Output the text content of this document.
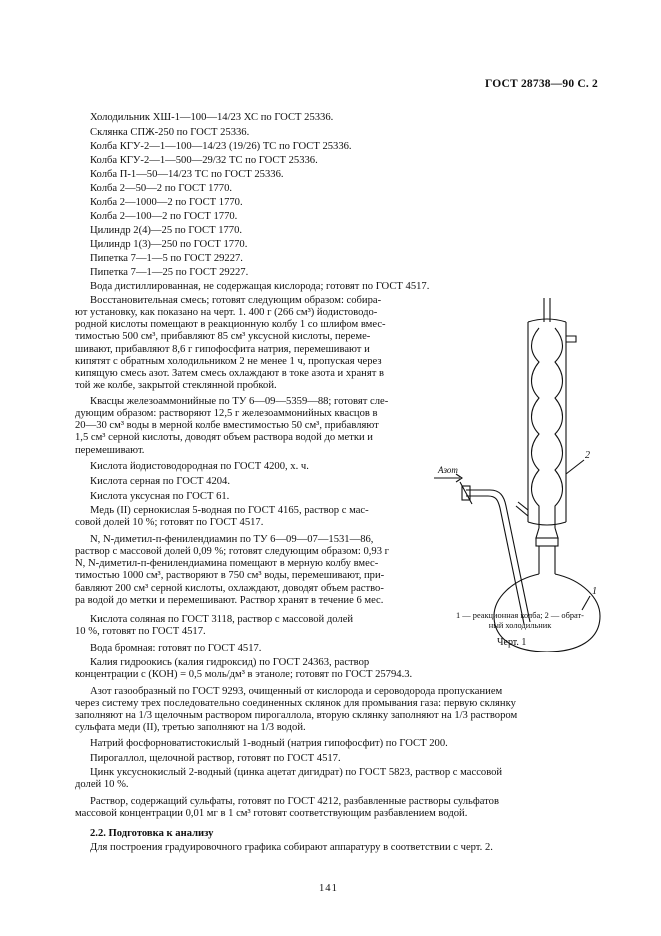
ГОСТ 28738—90 С. 2
Холодильник ХШ-1—100—14/23 ХС по ГОСТ 25336.
Склянка СПЖ-250 по ГОСТ 25336.
Колба КГУ-2—1—100—14/23 (19/26) ТС по ГОСТ 25336.
Колба КГУ-2—1—500—29/32 ТС по ГОСТ 25336.
Колба П-1—50—14/23 ТС по ГОСТ 25336.
Колба 2—50—2 по ГОСТ 1770.
Колба 2—1000—2 по ГОСТ 1770.
Колба 2—100—2 по ГОСТ 1770.
Цилиндр 2(4)—25 по ГОСТ 1770.
Цилиндр 1(3)—250 по ГОСТ 1770.
Пипетка 7—1—5 по ГОСТ 29227.
Пипетка 7—1—25 по ГОСТ 29227.
Вода дистиллированная, не содержащая кислорода; готовят по ГОСТ 4517.
Восстановительная смесь; готовят следующим образом: собира-
ют установку, как показано на черт. 1. 400 г (266 см³) йодистоводо-
родной кислоты помещают в реакционную колбу 1 со шлифом вмес-
тимостью 500 см³, прибавляют 85 см³ уксусной кислоты, переме-
шивают, прибавляют 8,6 г гипофосфита натрия, перемешивают и
кипятят с обратным холодильником 2 не менее 1 ч, пропуская через
кипящую смесь азот. Затем смесь охлаждают в токе азота и хранят в
той же колбе, закрытой стеклянной пробкой.
Квасцы железоаммонийные по ТУ 6—09—5359—88; готовят сле-
дующим образом: растворяют 12,5 г железоаммонийных квасцов в
20—30 см³ воды в мерной колбе вместимостью 50 см³, прибавляют
1,5 см³ серной кислоты, доводят объем раствора водой до метки и
перемешивают.
Кислота йодистоводородная по ГОСТ 4200, х. ч.
Кислота серная по ГОСТ 4204.
Кислота уксусная по ГОСТ 61.
Медь (II) сернокислая 5-водная по ГОСТ 4165, раствор с мас-
совой долей 10 %; готовят по ГОСТ 4517.
N, N-диметил-п-фенилендиамин по ТУ 6—09—07—1531—86,
раствор с массовой долей 0,09 %; готовят следующим образом: 0,93 г
N, N-диметил-п-фенилендиамина помещают в мерную колбу вмес-
тимостью 1000 см³, растворяют в 750 см³ воды, перемешивают, при-
бавляют 200 см³ серной кислоты, охлаждают, доводят объем раство-
ра водой до метки и перемешивают. Раствор хранят в течение 6 мес.
Кислота соляная по ГОСТ 3118, раствор с массовой долей
10 %, готовят по ГОСТ 4517.
Вода бромная: готовят по ГОСТ 4517.
Калия гидроокись (калия гидроксид) по ГОСТ 24363, раствор
концентрации с (КОН) = 0,5 моль/дм³ в этаноле; готовят по ГОСТ 25794.3.
Азот газообразный по ГОСТ 9293, очищенный от кислорода и сероводорода пропусканием
через систему трех последовательно соединенных склянок для промывания газа: первую склянку
заполняют на 1/3 щелочным раствором пирогаллола, вторую склянку заполняют на 1/3 раствором
сульфата меди (II), третью заполняют на 1/3 водой.
Натрий фосфорноватистокислый 1-водный (натрия гипофосфит) по ГОСТ 200.
Пирогаллол, щелочной раствор, готовят по ГОСТ 4517.
Цинк уксуснокислый 2-водный (цинка ацетат дигидрат) по ГОСТ 5823, раствор с массовой
долей 10 %.
Раствор, содержащий сульфаты, готовят по ГОСТ 4212, разбавленные растворы сульфатов
массовой концентрации 0,01 мг в 1 см³ готовят соответствующим разбавлением водой.
2.2. Подготовка к анализу
Для построения градуировочного графика собирают аппаратуру в соответствии с черт. 2.
Азот
2
1
1 — реакционная колба; 2 — обрат-
ный холодильник
Черт. 1
141
